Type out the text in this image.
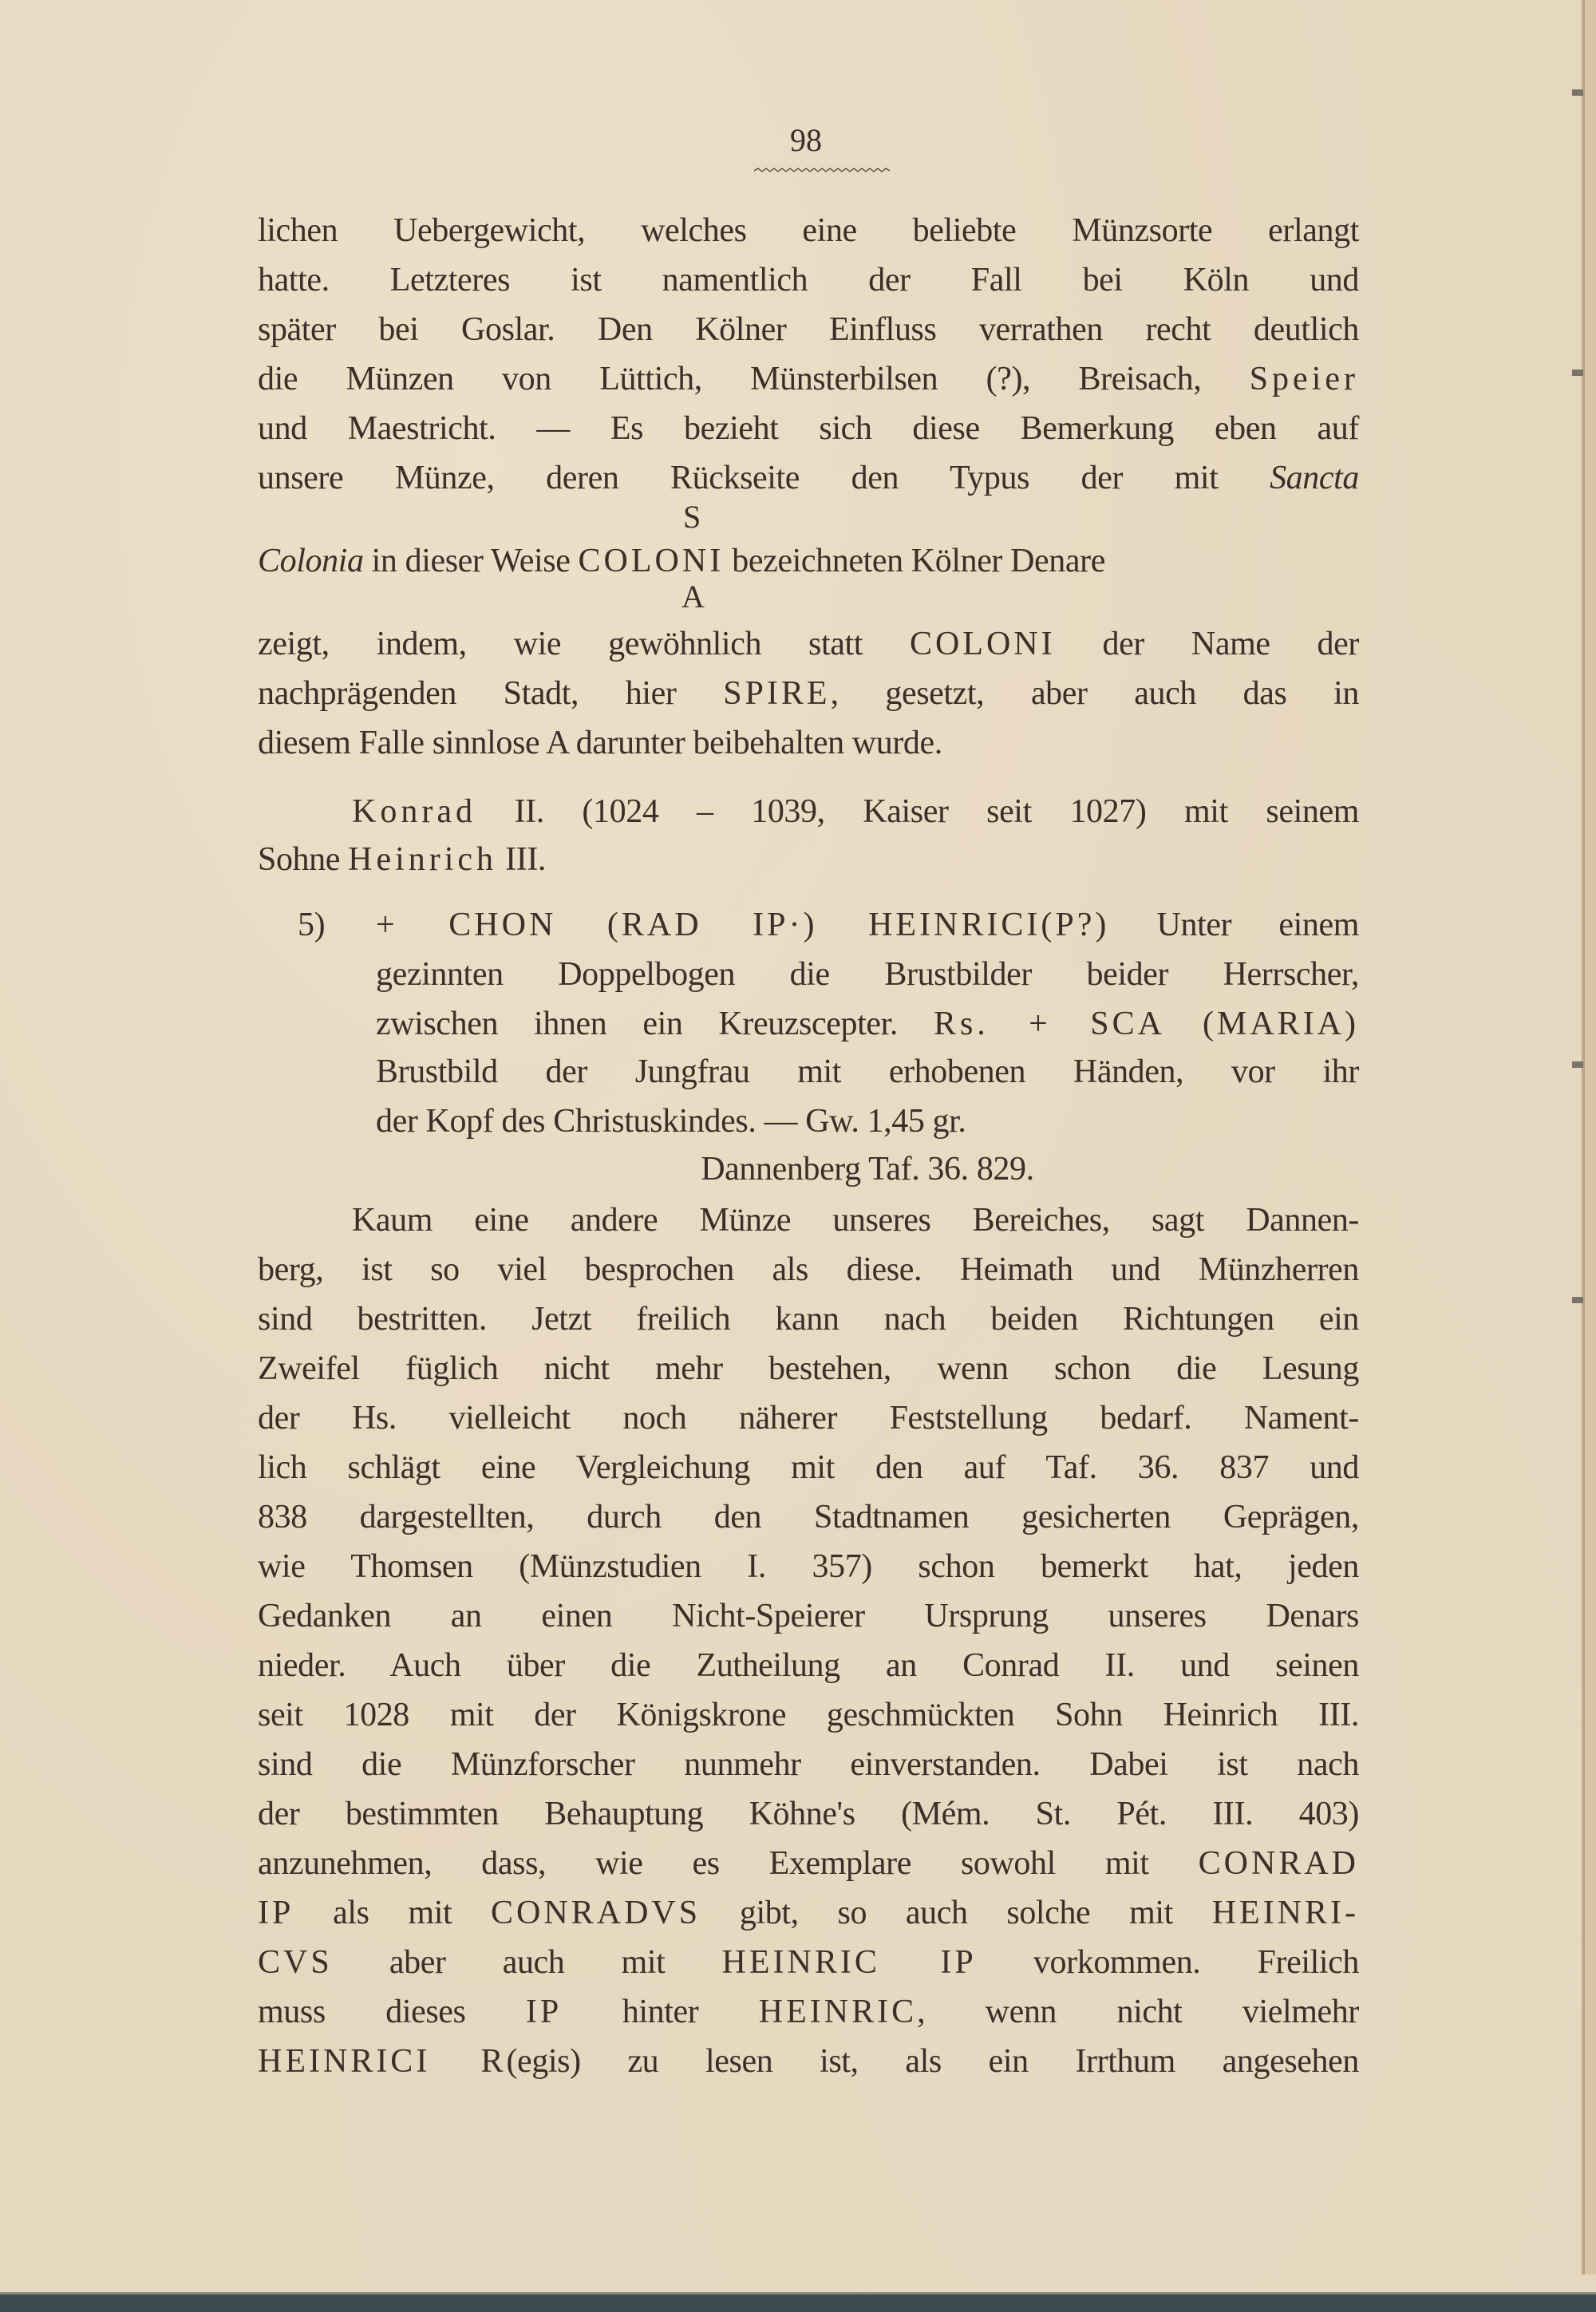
98
lichen Uebergewicht, welches eine beliebte Münzsorte erlangt
hatte. Letzteres ist namentlich der Fall bei Köln und
später bei Goslar. Den Kölner Einfluss verrathen recht deutlich
die Münzen von Lüttich, Münsterbilsen (?), Breisach, Speier
und Maestricht. — Es bezieht sich diese Bemerkung eben auf
unsere Münze, deren Rückseite den Typus der mit Sancta
S
Colonia in dieser Weise COLONI bezeichneten Kölner Denare
A
zeigt, indem, wie gewöhnlich statt COLONI der Name der
nachprägenden Stadt, hier SPIRE, gesetzt, aber auch das in
diesem Falle sinnlose A darunter beibehalten wurde.
Konrad II. (1024 – 1039, Kaiser seit 1027) mit seinem
Sohne Heinrich III.
5)	+ CHON (RAD IP·) HEINRICI(P?) Unter einem
gezinnten Doppelbogen die Brustbilder beider Herrscher,
zwischen ihnen ein Kreuzscepter. Rs. + SCA (MARIA)
Brustbild der Jungfrau mit erhobenen Händen, vor ihr
der Kopf des Christuskindes. — Gw. 1,45 gr.
Dannenberg Taf. 36. 829.
Kaum eine andere Münze unseres Bereiches, sagt Dannen-
berg, ist so viel besprochen als diese. Heimath und Münzherren
sind bestritten. Jetzt freilich kann nach beiden Richtungen ein
Zweifel füglich nicht mehr bestehen, wenn schon die Lesung
der Hs. vielleicht noch näherer Feststellung bedarf. Nament-
lich schlägt eine Vergleichung mit den auf Taf. 36. 837 und
838 dargestellten, durch den Stadtnamen gesicherten Geprägen,
wie Thomsen (Münzstudien I. 357) schon bemerkt hat, jeden
Gedanken an einen Nicht-Speierer Ursprung unseres Denars
nieder. Auch über die Zutheilung an Conrad II. und seinen
seit 1028 mit der Königskrone geschmückten Sohn Heinrich III.
sind die Münzforscher nunmehr einverstanden. Dabei ist nach
der bestimmten Behauptung Köhne's (Mém. St. Pét. III. 403)
anzunehmen, dass, wie es Exemplare sowohl mit CONRAD
IP als mit CONRADVS gibt, so auch solche mit HEINRI-
CVS aber auch mit HEINRIC IP vorkommen. Freilich
muss dieses IP hinter HEINRIC, wenn nicht vielmehr
HEINRICI R(egis) zu lesen ist, als ein Irrthum angesehen
